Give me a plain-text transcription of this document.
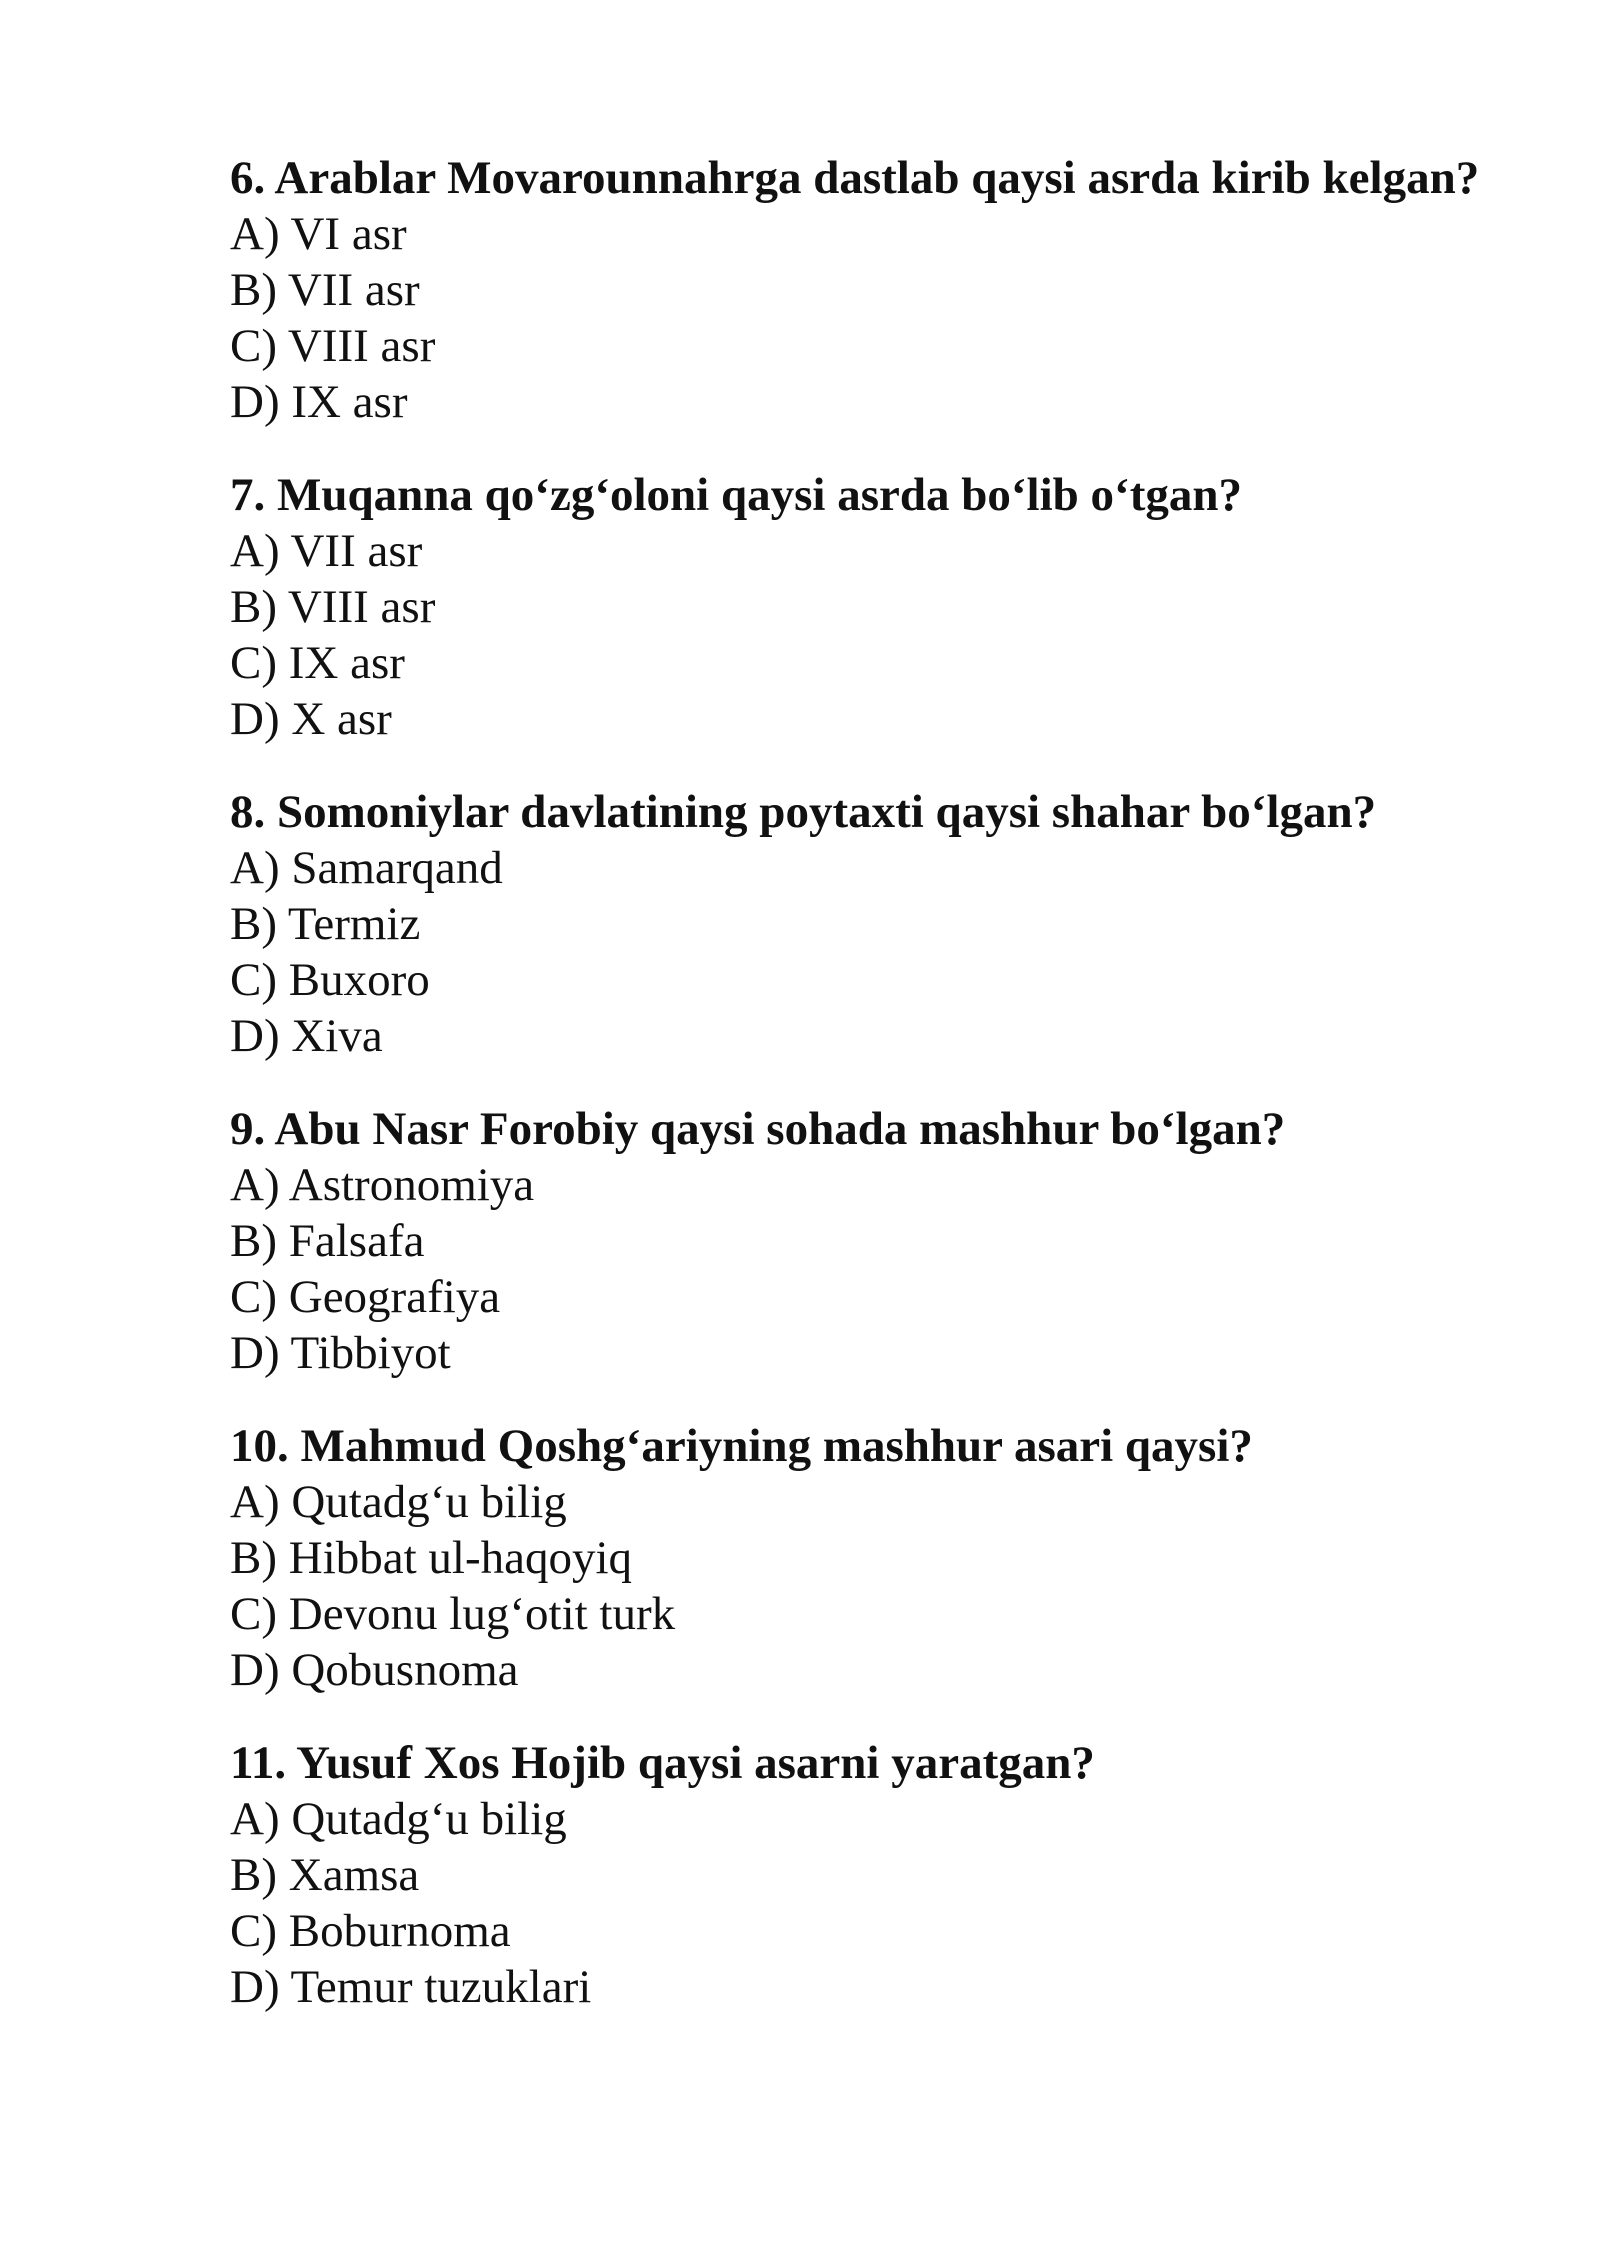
6. Arablar Movarounnahrga dastlab qaysi asrda kirib kelgan?

A) VI asr

B) VII asr

C) VIII asr

D) IX asr

7. Muqanna qo‘zg‘oloni qaysi asrda bo‘lib o‘tgan?

A) VII asr

B) VIII asr

C) IX asr

D) X asr

8. Somoniylar davlatining poytaxti qaysi shahar bo‘lgan?

A) Samarqand

B) Termiz

C) Buxoro

D) Xiva

9. Abu Nasr Forobiy qaysi sohada mashhur bo‘lgan?

A) Astronomiya

B) Falsafa

C) Geografiya

D) Tibbiyot

10. Mahmud Qoshg‘ariyning mashhur asari qaysi?

A) Qutadg‘u bilig

B) Hibbat ul-haqoyiq

C) Devonu lug‘otit turk

D) Qobusnoma

11. Yusuf Xos Hojib qaysi asarni yaratgan?

A) Qutadg‘u bilig

B) Xamsa

C) Boburnoma

D) Temur tuzuklari
